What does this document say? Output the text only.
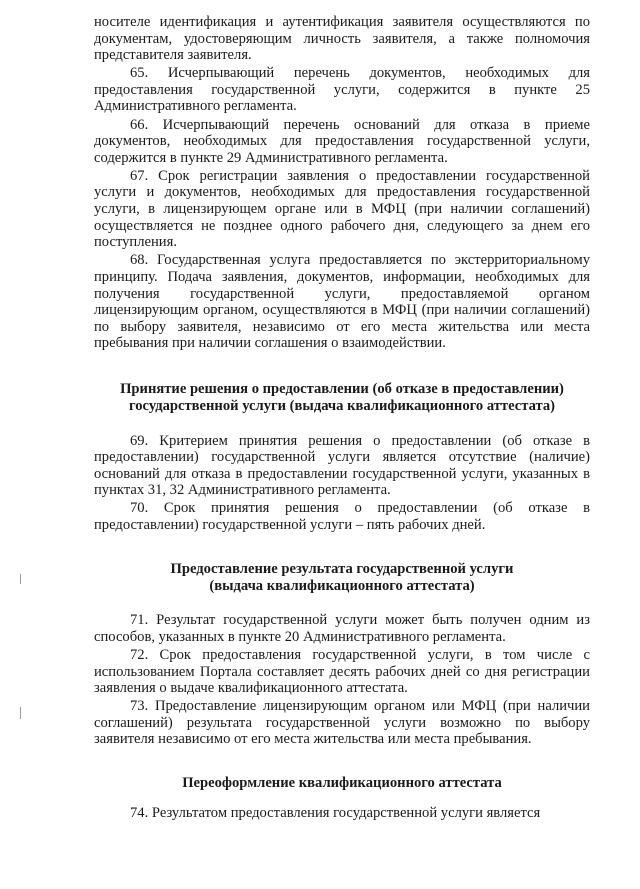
носителе идентификация и аутентификация заявителя осуществляются по документам, удостоверяющим личность заявителя, а также полномочия представителя заявителя.

65. Исчерпывающий перечень документов, необходимых для предоставления государственной услуги, содержится в пункте 25 Административного регламента.

66. Исчерпывающий перечень оснований для отказа в приеме документов, необходимых для предоставления государственной услуги, содержится в пункте 29 Административного регламента.

67. Срок регистрации заявления о предоставлении государственной услуги и документов, необходимых для предоставления государственной услуги, в лицензирующем органе или в МФЦ (при наличии соглашений) осуществляется не позднее одного рабочего дня, следующего за днем его поступления.

68. Государственная услуга предоставляется по экстерриториальному принципу. Подача заявления, документов, информации, необходимых для получения государственной услуги, предоставляемой органом лицензирующим органом, осуществляются в МФЦ (при наличии соглашений) по выбору заявителя, независимо от его места жительства или места пребывания при наличии соглашения о взаимодействии.

Принятие решения о предоставлении (об отказе в предоставлении)
государственной услуги (выдача квалификационного аттестата)

69. Критерием принятия решения о предоставлении (об отказе в предоставлении) государственной услуги является отсутствие (наличие) оснований для отказа в предоставлении государственной услуги, указанных в пунктах 31, 32 Административного регламента.

70. Срок принятия решения о предоставлении (об отказе в предоставлении) государственной услуги – пять рабочих дней.

Предоставление результата государственной услуги
(выдача квалификационного аттестата)

71. Результат государственной услуги может быть получен одним из способов, указанных в пункте 20 Административного регламента.

72. Срок предоставления государственной услуги, в том числе с использованием Портала составляет десять рабочих дней со дня регистрации заявления о выдаче квалификационного аттестата.

73. Предоставление лицензирующим органом или МФЦ (при наличии соглашений) результата государственной услуги возможно по выбору заявителя независимо от его места жительства или места пребывания.

Переоформление квалификационного аттестата

74. Результатом предоставления государственной услуги является
